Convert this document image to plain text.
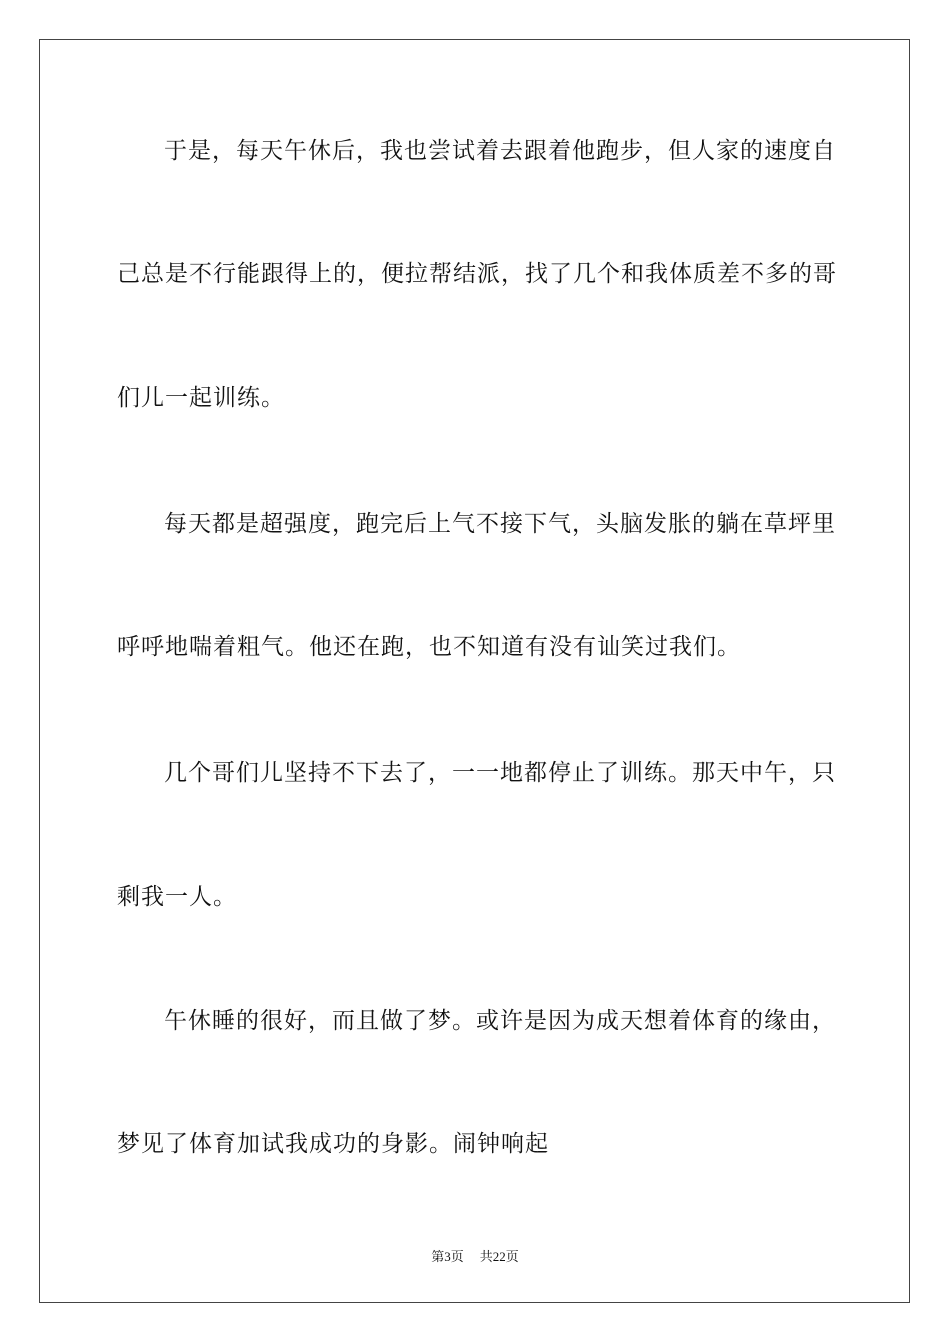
于是，每天午休后，我也尝试着去跟着他跑步，但人家的速度自
己总是不行能跟得上的，便拉帮结派，找了几个和我体质差不多的哥
们儿一起训练。
每天都是超强度，跑完后上气不接下气，头脑发胀的躺在草坪里
呼呼地喘着粗气。他还在跑，也不知道有没有讪笑过我们。
几个哥们儿坚持不下去了，一一地都停止了训练。那天中午，只
剩我一人。
午休睡的很好，而且做了梦。或许是因为成天想着体育的缘由，
梦见了体育加试我成功的身影。闹钟响起
第3页 共22页
